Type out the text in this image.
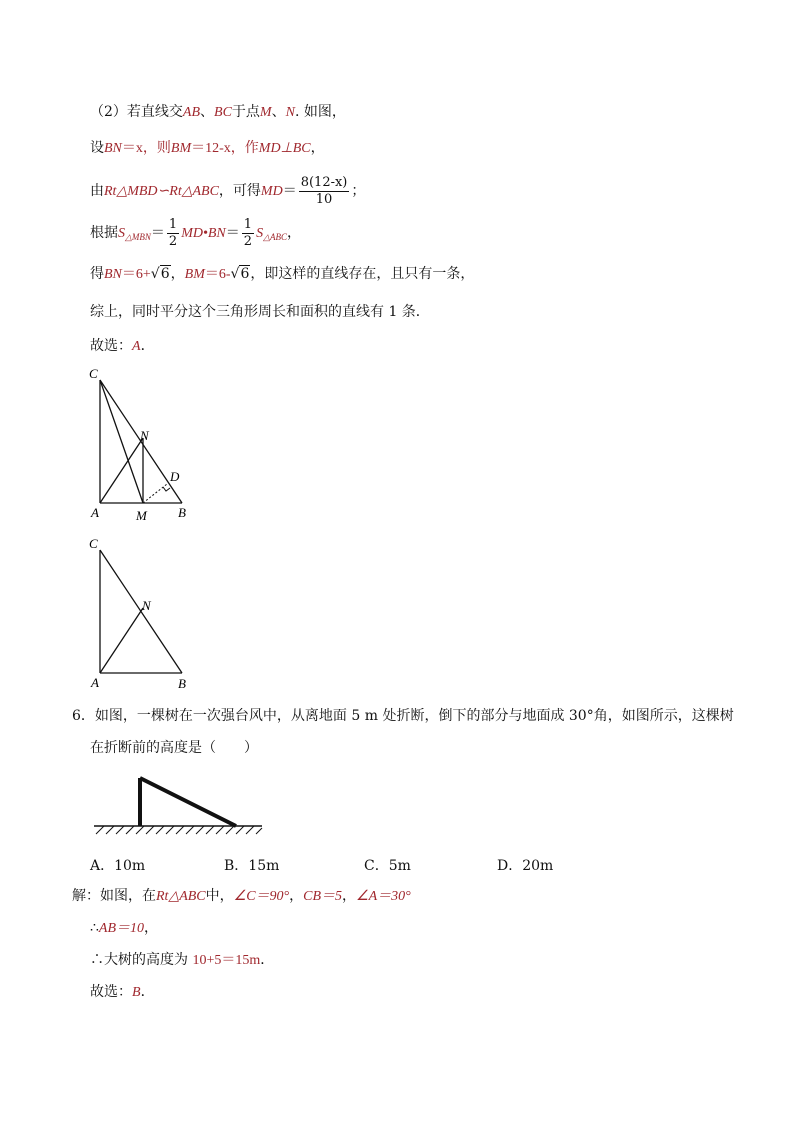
（2）若直线交AB、BC于点M、N. 如图，
设BN＝x，则BM＝12-x，作MD⊥BC，
由Rt△MBD∽Rt△ABC，可得$MD= \frac{8(12-x)}{10}$ ；
根据$S_{\triangle MBN}= \frac{1}{2}$ MD•BN＝ $\frac{1}{2} S_{\triangle ABC}$，
得BN＝6+√6，BM＝6-√6，即这样的直线存在，且只有一条，
综上，同时平分这个三角形周长和面积的直线有 1 条．
故选：A．
C
N
D
A	M B
C
N
A	B
6．如图，一棵树在一次强台风中，从离地面 5 m 处折断，倒下的部分与地面成 30°角，如图所示，这棵树
在折断前的高度是（　　）
A．10m	B．15m	C．5m	D．20m
解：如图，在Rt△ABC中，∠C＝90°，CB＝5，∠A＝30°
∴AB＝10，
∴大树的高度为 10+5＝15m．
故选：B．
